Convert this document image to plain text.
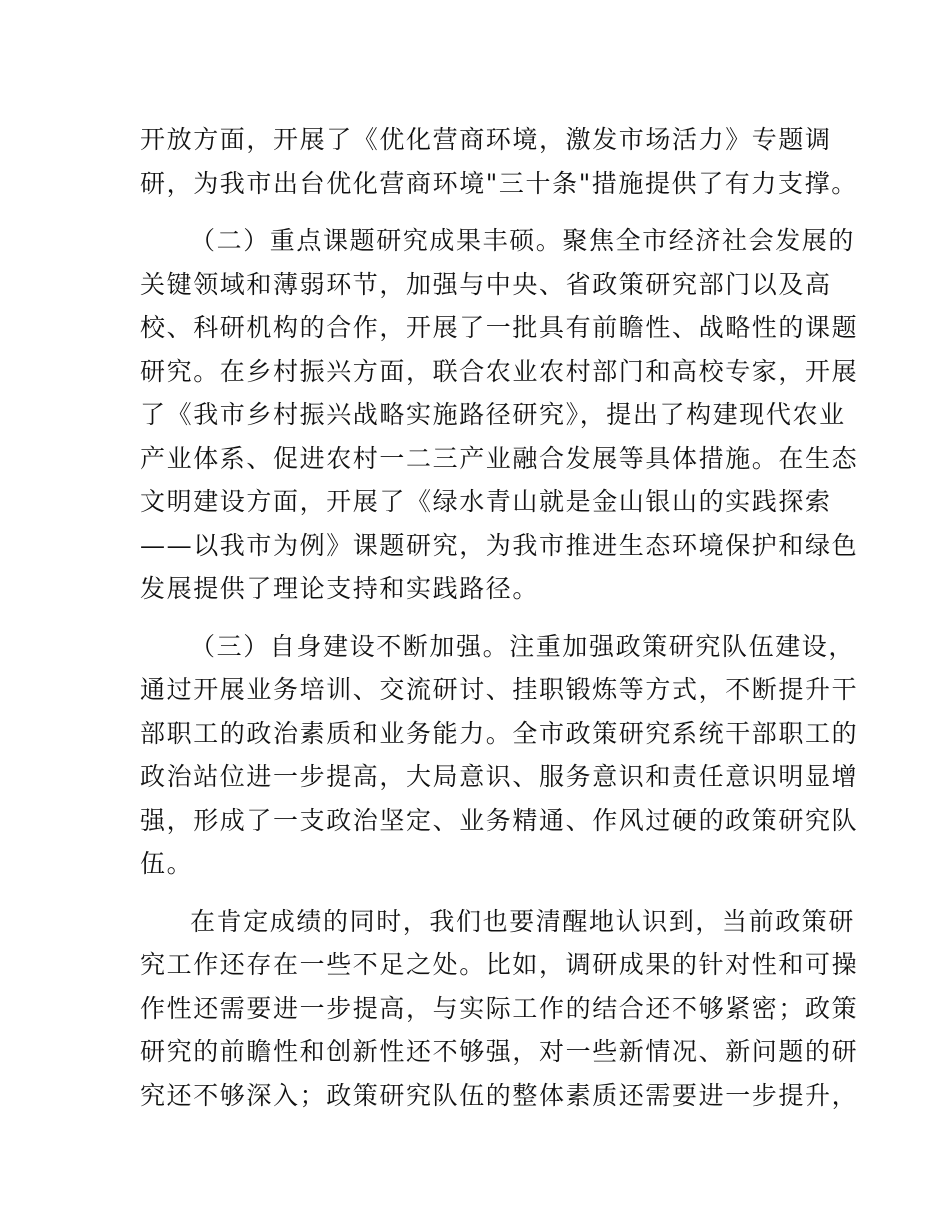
开放方面，开展了《优化营商环境，激发市场活力》专题调
研，为我市出台优化营商环境"三十条"措施提供了有力支撑。

（二）重点课题研究成果丰硕。聚焦全市经济社会发展的
关键领域和薄弱环节，加强与中央、省政策研究部门以及高
校、科研机构的合作，开展了一批具有前瞻性、战略性的课题
研究。在乡村振兴方面，联合农业农村部门和高校专家，开展
了《我市乡村振兴战略实施路径研究》，提出了构建现代农业
产业体系、促进农村一二三产业融合发展等具体措施。在生态
文明建设方面，开展了《绿水青山就是金山银山的实践探索
——以我市为例》课题研究，为我市推进生态环境保护和绿色
发展提供了理论支持和实践路径。

（三）自身建设不断加强。注重加强政策研究队伍建设，
通过开展业务培训、交流研讨、挂职锻炼等方式，不断提升干
部职工的政治素质和业务能力。全市政策研究系统干部职工的
政治站位进一步提高，大局意识、服务意识和责任意识明显增
强，形成了一支政治坚定、业务精通、作风过硬的政策研究队
伍。

在肯定成绩的同时，我们也要清醒地认识到，当前政策研
究工作还存在一些不足之处。比如，调研成果的针对性和可操
作性还需要进一步提高，与实际工作的结合还不够紧密；政策
研究的前瞻性和创新性还不够强，对一些新情况、新问题的研
究还不够深入；政策研究队伍的整体素质还需要进一步提升，
